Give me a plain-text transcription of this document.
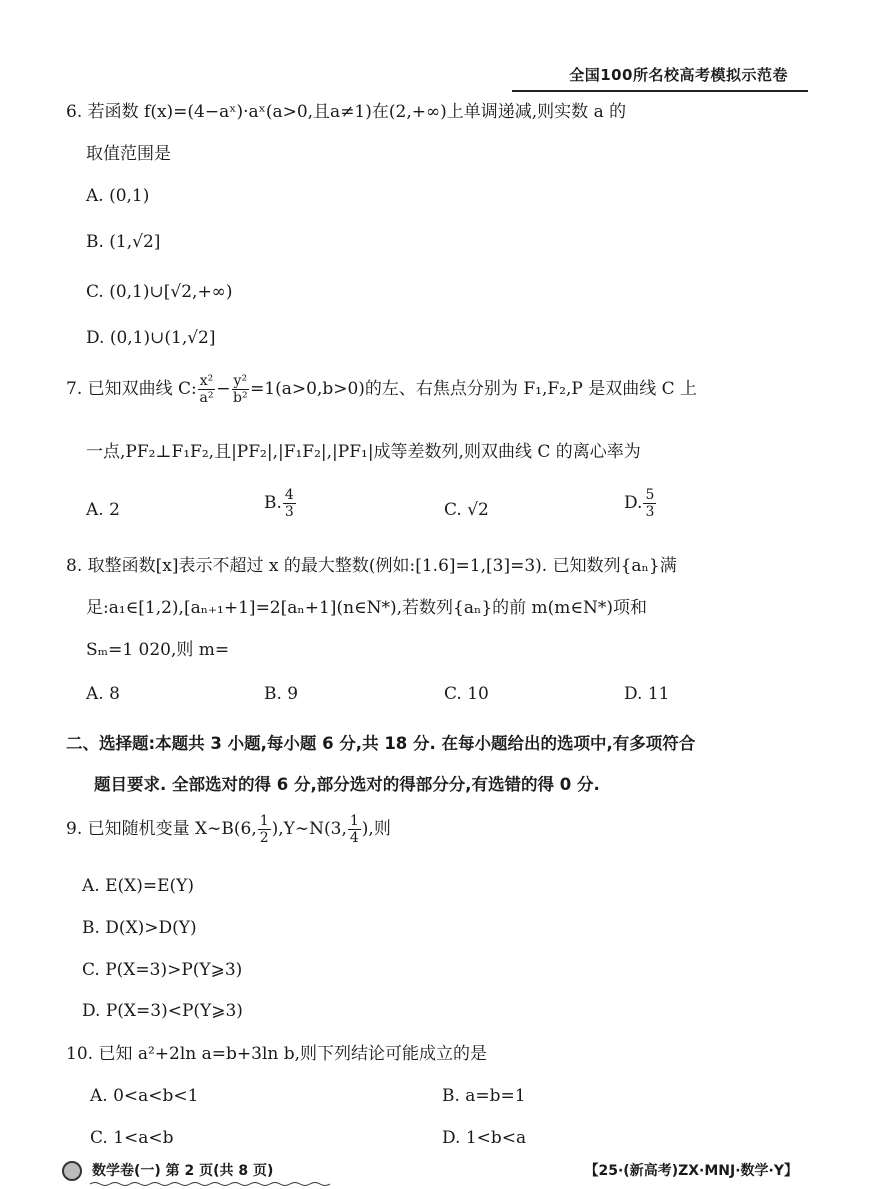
全国100所名校高考模拟示范卷
6. 若函数 f(x)=(4−aˣ)·aˣ(a>0,且a≠1)在(2,+∞)上单调递减,则实数 a 的
取值范围是
A. (0,1)
B. (1,√2]
C. (0,1)∪[√2,+∞)
D. (0,1)∪(1,√2]
7. 已知双曲线 C: $\frac{\text{x²}}{\text{a²}} - \frac{\text{y²}}{\text{b²}} =1(a>0,b>0)$的左、右焦点分别为 F₁,F₂,P 是双曲线 C 上
一点,PF₂⊥F₁F₂,且|PF₂|,|F₁F₂|,|PF₁|成等差数列,则双曲线 C 的离心率为
A. 2	B. $\frac{4}{3}$	C. √2	D. $\frac{5}{3}$
8. 取整函数[x]表示不超过 x 的最大整数(例如:[1.6]=1,[3]=3). 已知数列{aₙ}满
足:a₁∈[1,2),[aₙ₊₁+1]=2[aₙ+1](n∈N*),若数列{aₙ}的前 m(m∈N*)项和
Sₘ=1 020,则 m=
A. 8	B. 9	C. 10	D. 11
二、选择题:本题共 3 小题,每小题 6 分,共 18 分. 在每小题给出的选项中,有多项符合
题目要求. 全部选对的得 6 分,部分选对的得部分分,有选错的得 0 分.
9. 已知随机变量 X∼B(6, $\frac{1}{2}$ ),Y∼N(3, $\frac{1}{4}$ ),则
A. E(X)=E(Y)
B. D(X)>D(Y)
C. P(X=3)>P(Y⩾3)
D. P(X=3)<P(Y⩾3)
10. 已知 a²+2ln a=b+3ln b,则下列结论可能成立的是
A. 0<a<b<1	B. a=b=1
C. 1<a<b	D. 1<b<a
数学卷(一) 第 2 页(共 8 页)	【25·(新高考)ZX·MNJ·数学·Y】
